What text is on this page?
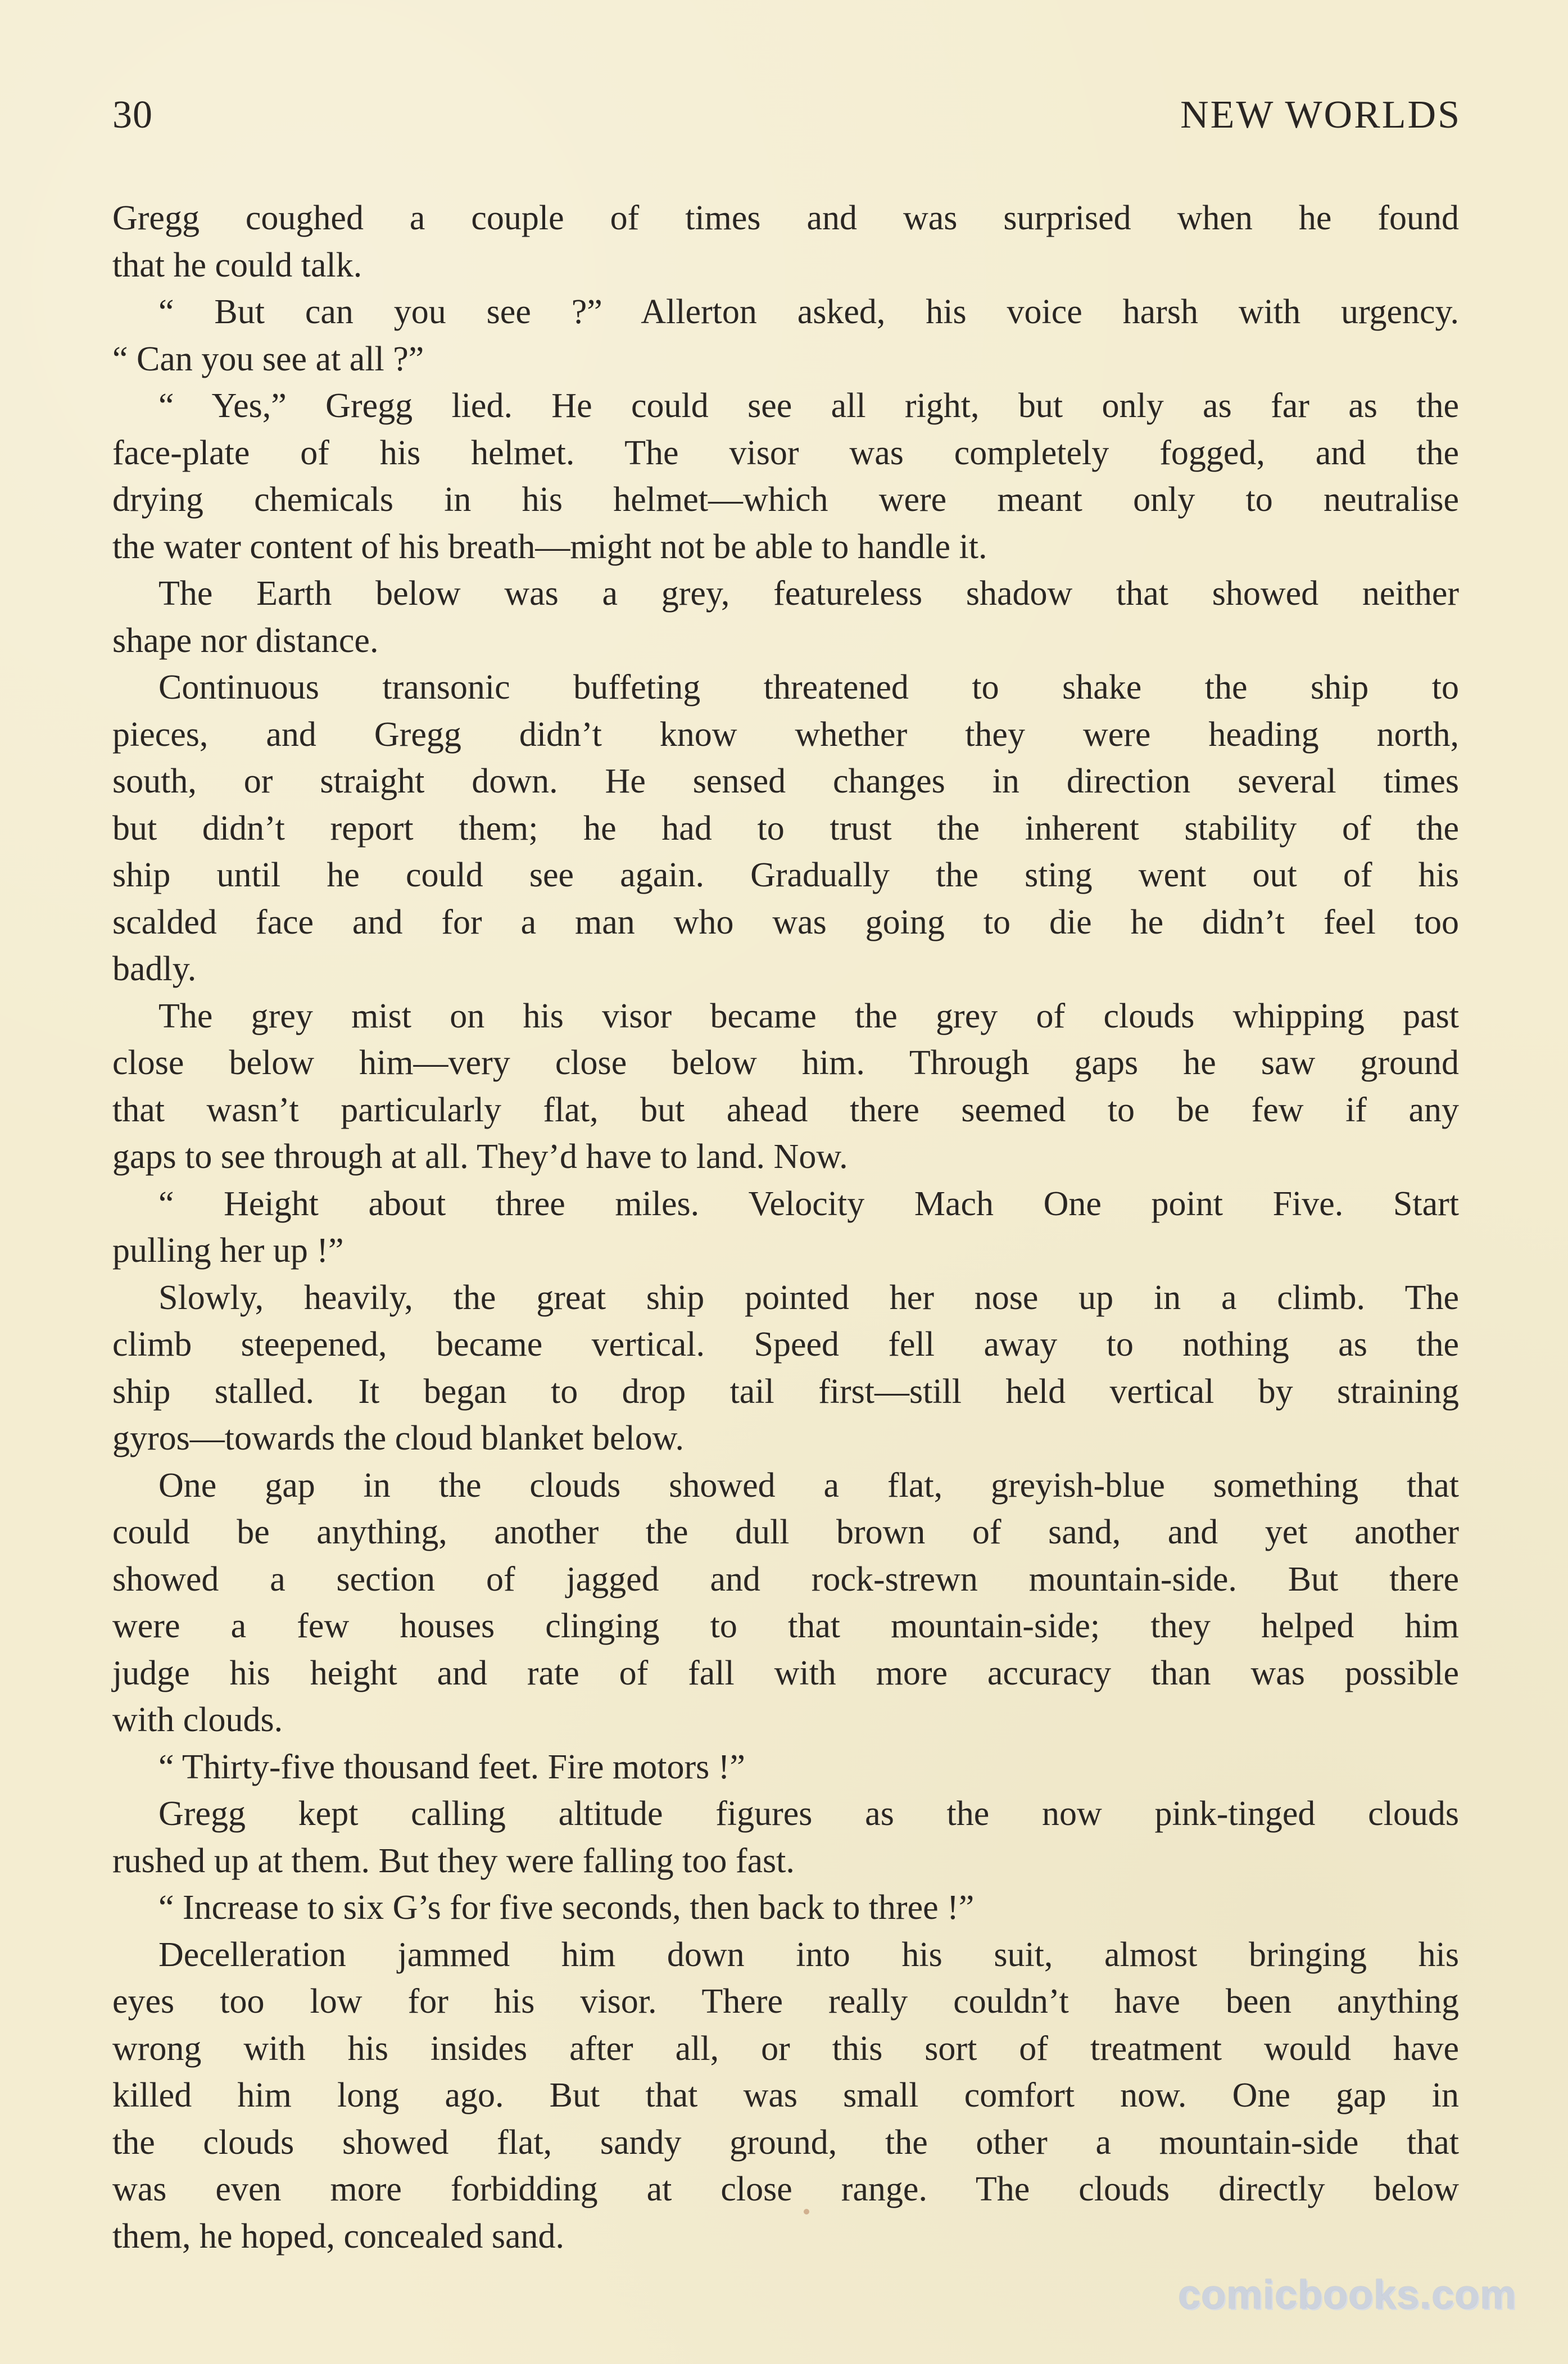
30	NEW WORLDS
Gregg coughed a couple of times and was surprised when he found
that he could talk.
“ But can you see ?” Allerton asked, his voice harsh with urgency.
“ Can you see at all ?”
“ Yes,” Gregg lied. He could see all right, but only as far as the
face-plate of his helmet. The visor was completely fogged, and the
drying chemicals in his helmet—which were meant only to neutralise
the water content of his breath—might not be able to handle it.
The Earth below was a grey, featureless shadow that showed neither
shape nor distance.
Continuous transonic buffeting threatened to shake the ship to
pieces, and Gregg didn’t know whether they were heading north,
south, or straight down. He sensed changes in direction several times
but didn’t report them; he had to trust the inherent stability of the
ship until he could see again. Gradually the sting went out of his
scalded face and for a man who was going to die he didn’t feel too
badly.
The grey mist on his visor became the grey of clouds whipping past
close below him—very close below him. Through gaps he saw ground
that wasn’t particularly flat, but ahead there seemed to be few if any
gaps to see through at all. They’d have to land. Now.
“ Height about three miles. Velocity Mach One point Five. Start
pulling her up !”
Slowly, heavily, the great ship pointed her nose up in a climb. The
climb steepened, became vertical. Speed fell away to nothing as the
ship stalled. It began to drop tail first—still held vertical by straining
gyros—towards the cloud blanket below.
One gap in the clouds showed a flat, greyish-blue something that
could be anything, another the dull brown of sand, and yet another
showed a section of jagged and rock-strewn mountain-side. But there
were a few houses clinging to that mountain-side; they helped him
judge his height and rate of fall with more accuracy than was possible
with clouds.
“ Thirty-five thousand feet. Fire motors !”
Gregg kept calling altitude figures as the now pink-tinged clouds
rushed up at them. But they were falling too fast.
“ Increase to six G’s for five seconds, then back to three !”
Decelleration jammed him down into his suit, almost bringing his
eyes too low for his visor. There really couldn’t have been anything
wrong with his insides after all, or this sort of treatment would have
killed him long ago. But that was small comfort now. One gap in
the clouds showed flat, sandy ground, the other a mountain-side that
was even more forbidding at close range. The clouds directly below
them, he hoped, concealed sand.
comicbooks.com
